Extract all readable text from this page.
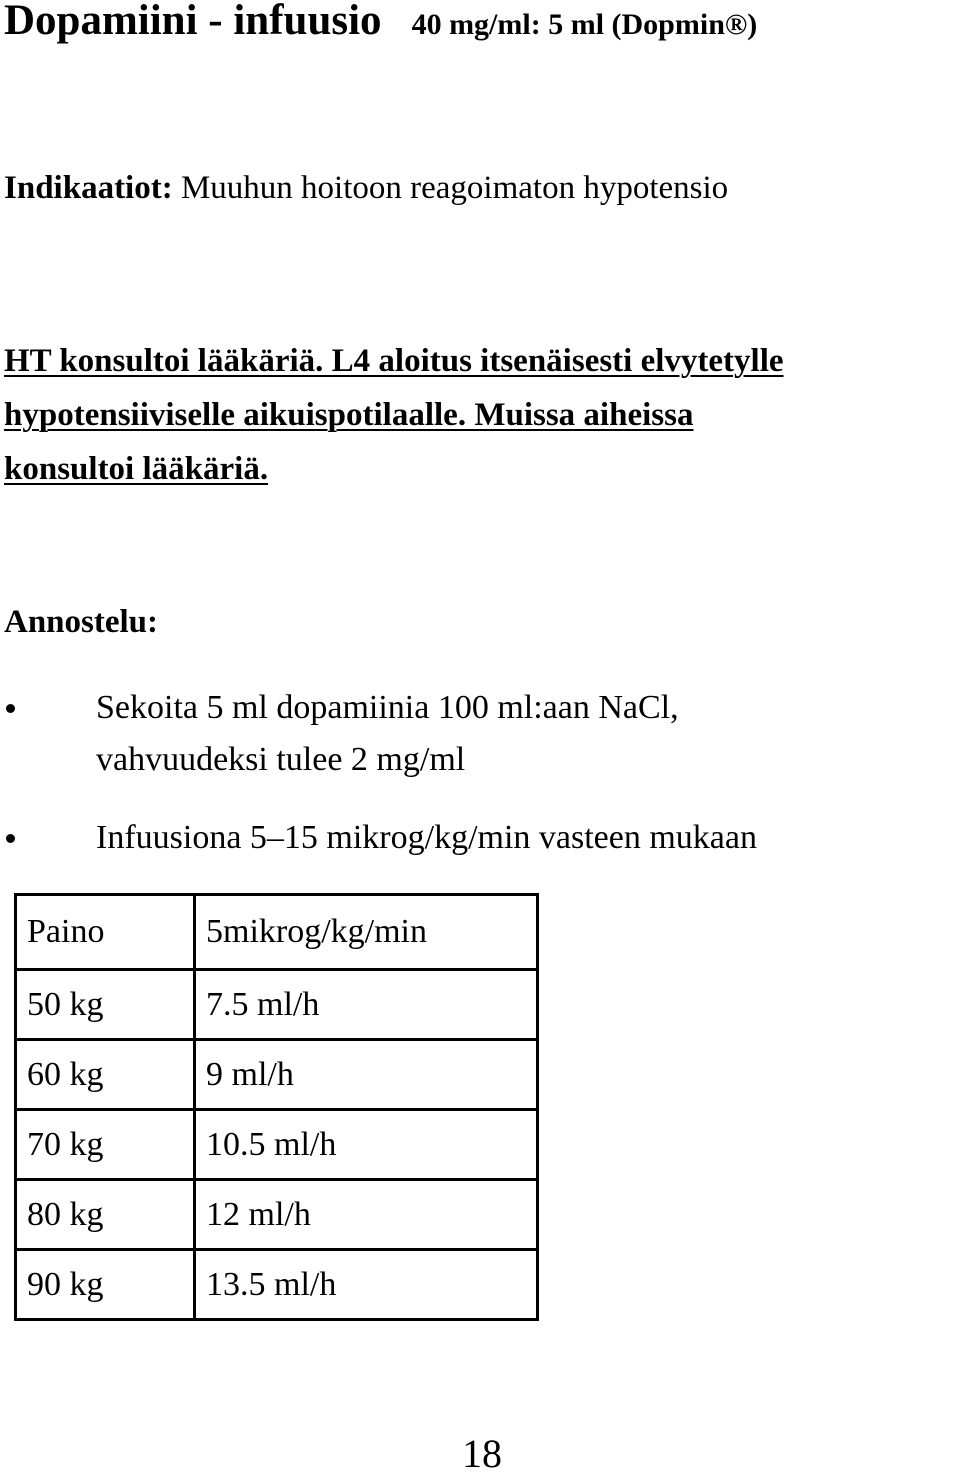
Dopamiini - infuusio 40 mg/ml: 5 ml (Dopmin®)
Indikaatiot: Muuhun hoitoon reagoimaton hypotensio
HT konsultoi lääkäriä. L4 aloitus itsenäisesti elvytetylle
hypotensiiviselle aikuispotilaalle. Muissa aiheissa
konsultoi lääkäriä.
Annostelu:
Sekoita 5 ml dopamiinia 100 ml:aan NaCl,
vahvuudeksi tulee 2 mg/ml
Infuusiona 5–15 mikrog/kg/min vasteen mukaan
Paino	5mikrog/kg/min
50 kg	7.5 ml/h
60 kg	9 ml/h
70 kg	10.5 ml/h
80 kg	12 ml/h
90 kg	13.5 ml/h
18
